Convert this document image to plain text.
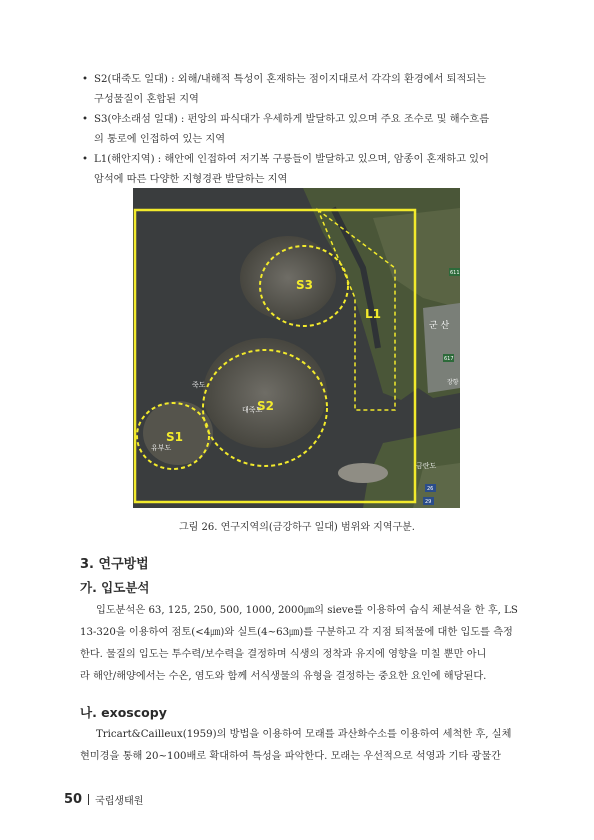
• S2(대죽도 일대) : 외해/내해적 특성이 혼재하는 점이지대로서 각각의 환경에서 퇴적되는
구성물질이 혼합된 지역
• S3(야소래섬 일대) : 펀앙의 파식대가 우세하게 발달하고 있으며 주요 조수로 및 해수흐름
의 통로에 인접하여 있는 지역
• L1(해안지역) : 해안에 인접하여 저기복 구릉들이 발달하고 있으며, 암종이 혼재하고 있어
암석에 따른 다양한 지형경관 발달하는 지역
S3
L1
S2
S1
유부도
죽도
대죽도
금란도
군 산
장항
611
617
29
26
그림 26. 연구지역의(금강하구 일대) 범위와 지역구분.
3. 연구방법
가. 입도분석
입도분석은 63, 125, 250, 500, 1000, 2000㎛의 sieve를 이용하여 습식 체분석을 한 후, LS
13-320을 이용하여 점토(<4㎛)와 실트(4~63㎛)를 구분하고 각 지점 퇴적물에 대한 입도를 측정
한다. 물질의 입도는 투수력/보수력을 결정하며 식생의 정착과 유지에 영향을 미칠 뿐만 아니
라 해안/해양에서는 수온, 염도와 함께 서식생물의 유형을 결정하는 중요한 요인에 해당된다.
나. exoscopy
Tricart&Cailleux(1959)의 방법을 이용하여 모래를 과산화수소를 이용하여 세척한 후, 실체
현미경을 통해 20~100배로 확대하여 특성을 파악한다. 모래는 우선적으로 석영과 기타 광물간
50 국립생태원
